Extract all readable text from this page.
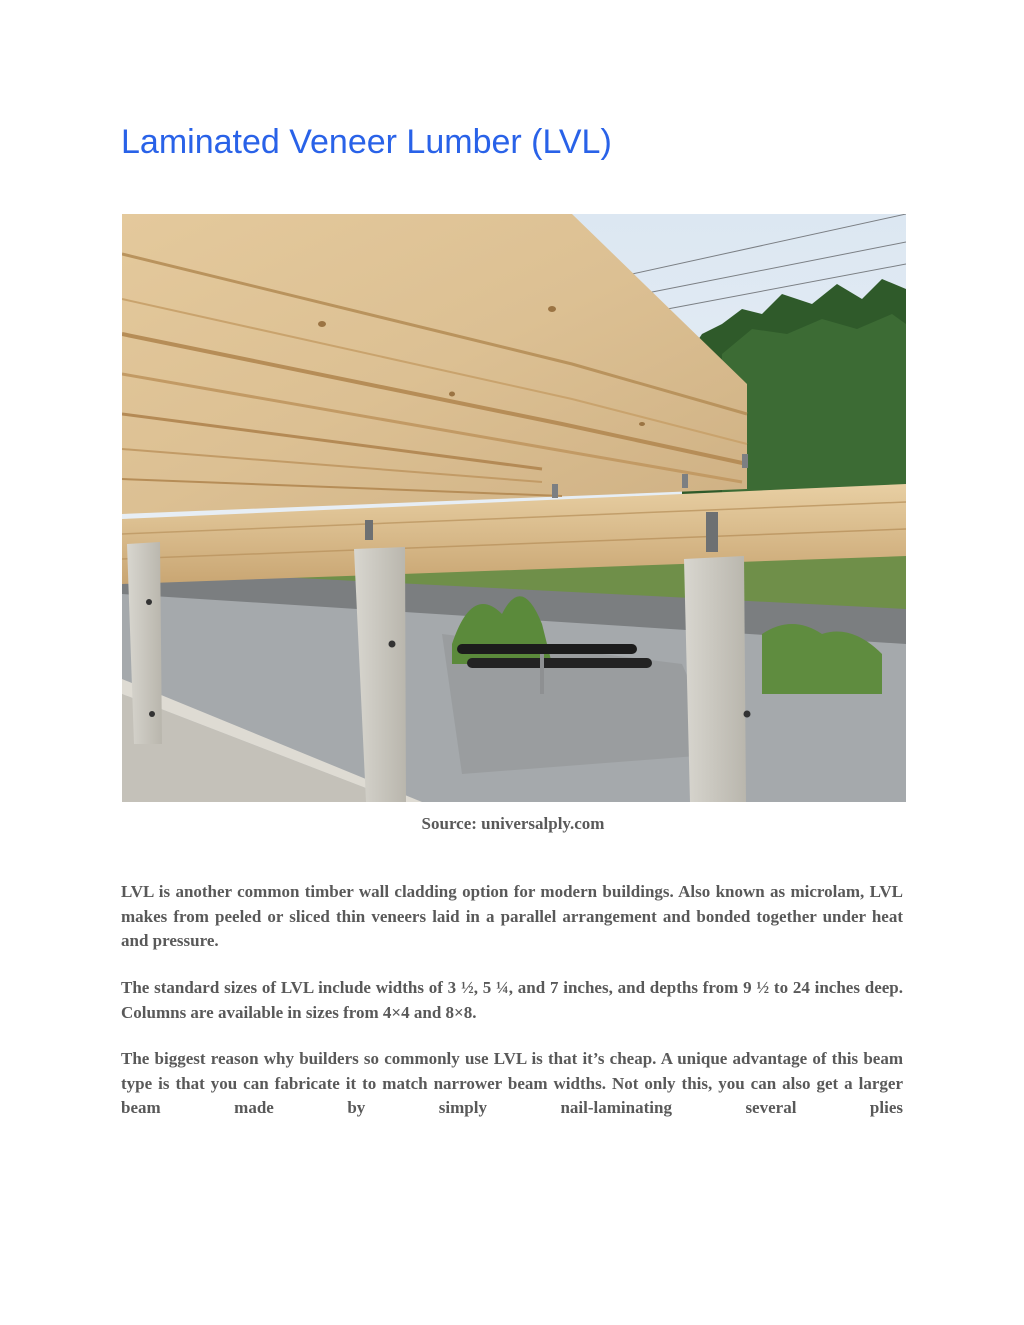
Laminated Veneer Lumber (LVL)
Source: universalply.com

LVL is another common timber wall cladding option for modern buildings. Also known as microlam, LVL makes from peeled or sliced thin veneers laid in a parallel arrangement and bonded together under heat and pressure.

The standard sizes of LVL include widths of 3 ½, 5 ¼, and 7 inches, and depths from 9 ½ to 24 inches deep. Columns are available in sizes from 4×4 and 8×8.

The biggest reason why builders so commonly use LVL is that it’s cheap. A unique advantage of this beam type is that you can fabricate it to match narrower beam widths. Not only this, you can also get a larger beam made by simply nail-laminating several plies
